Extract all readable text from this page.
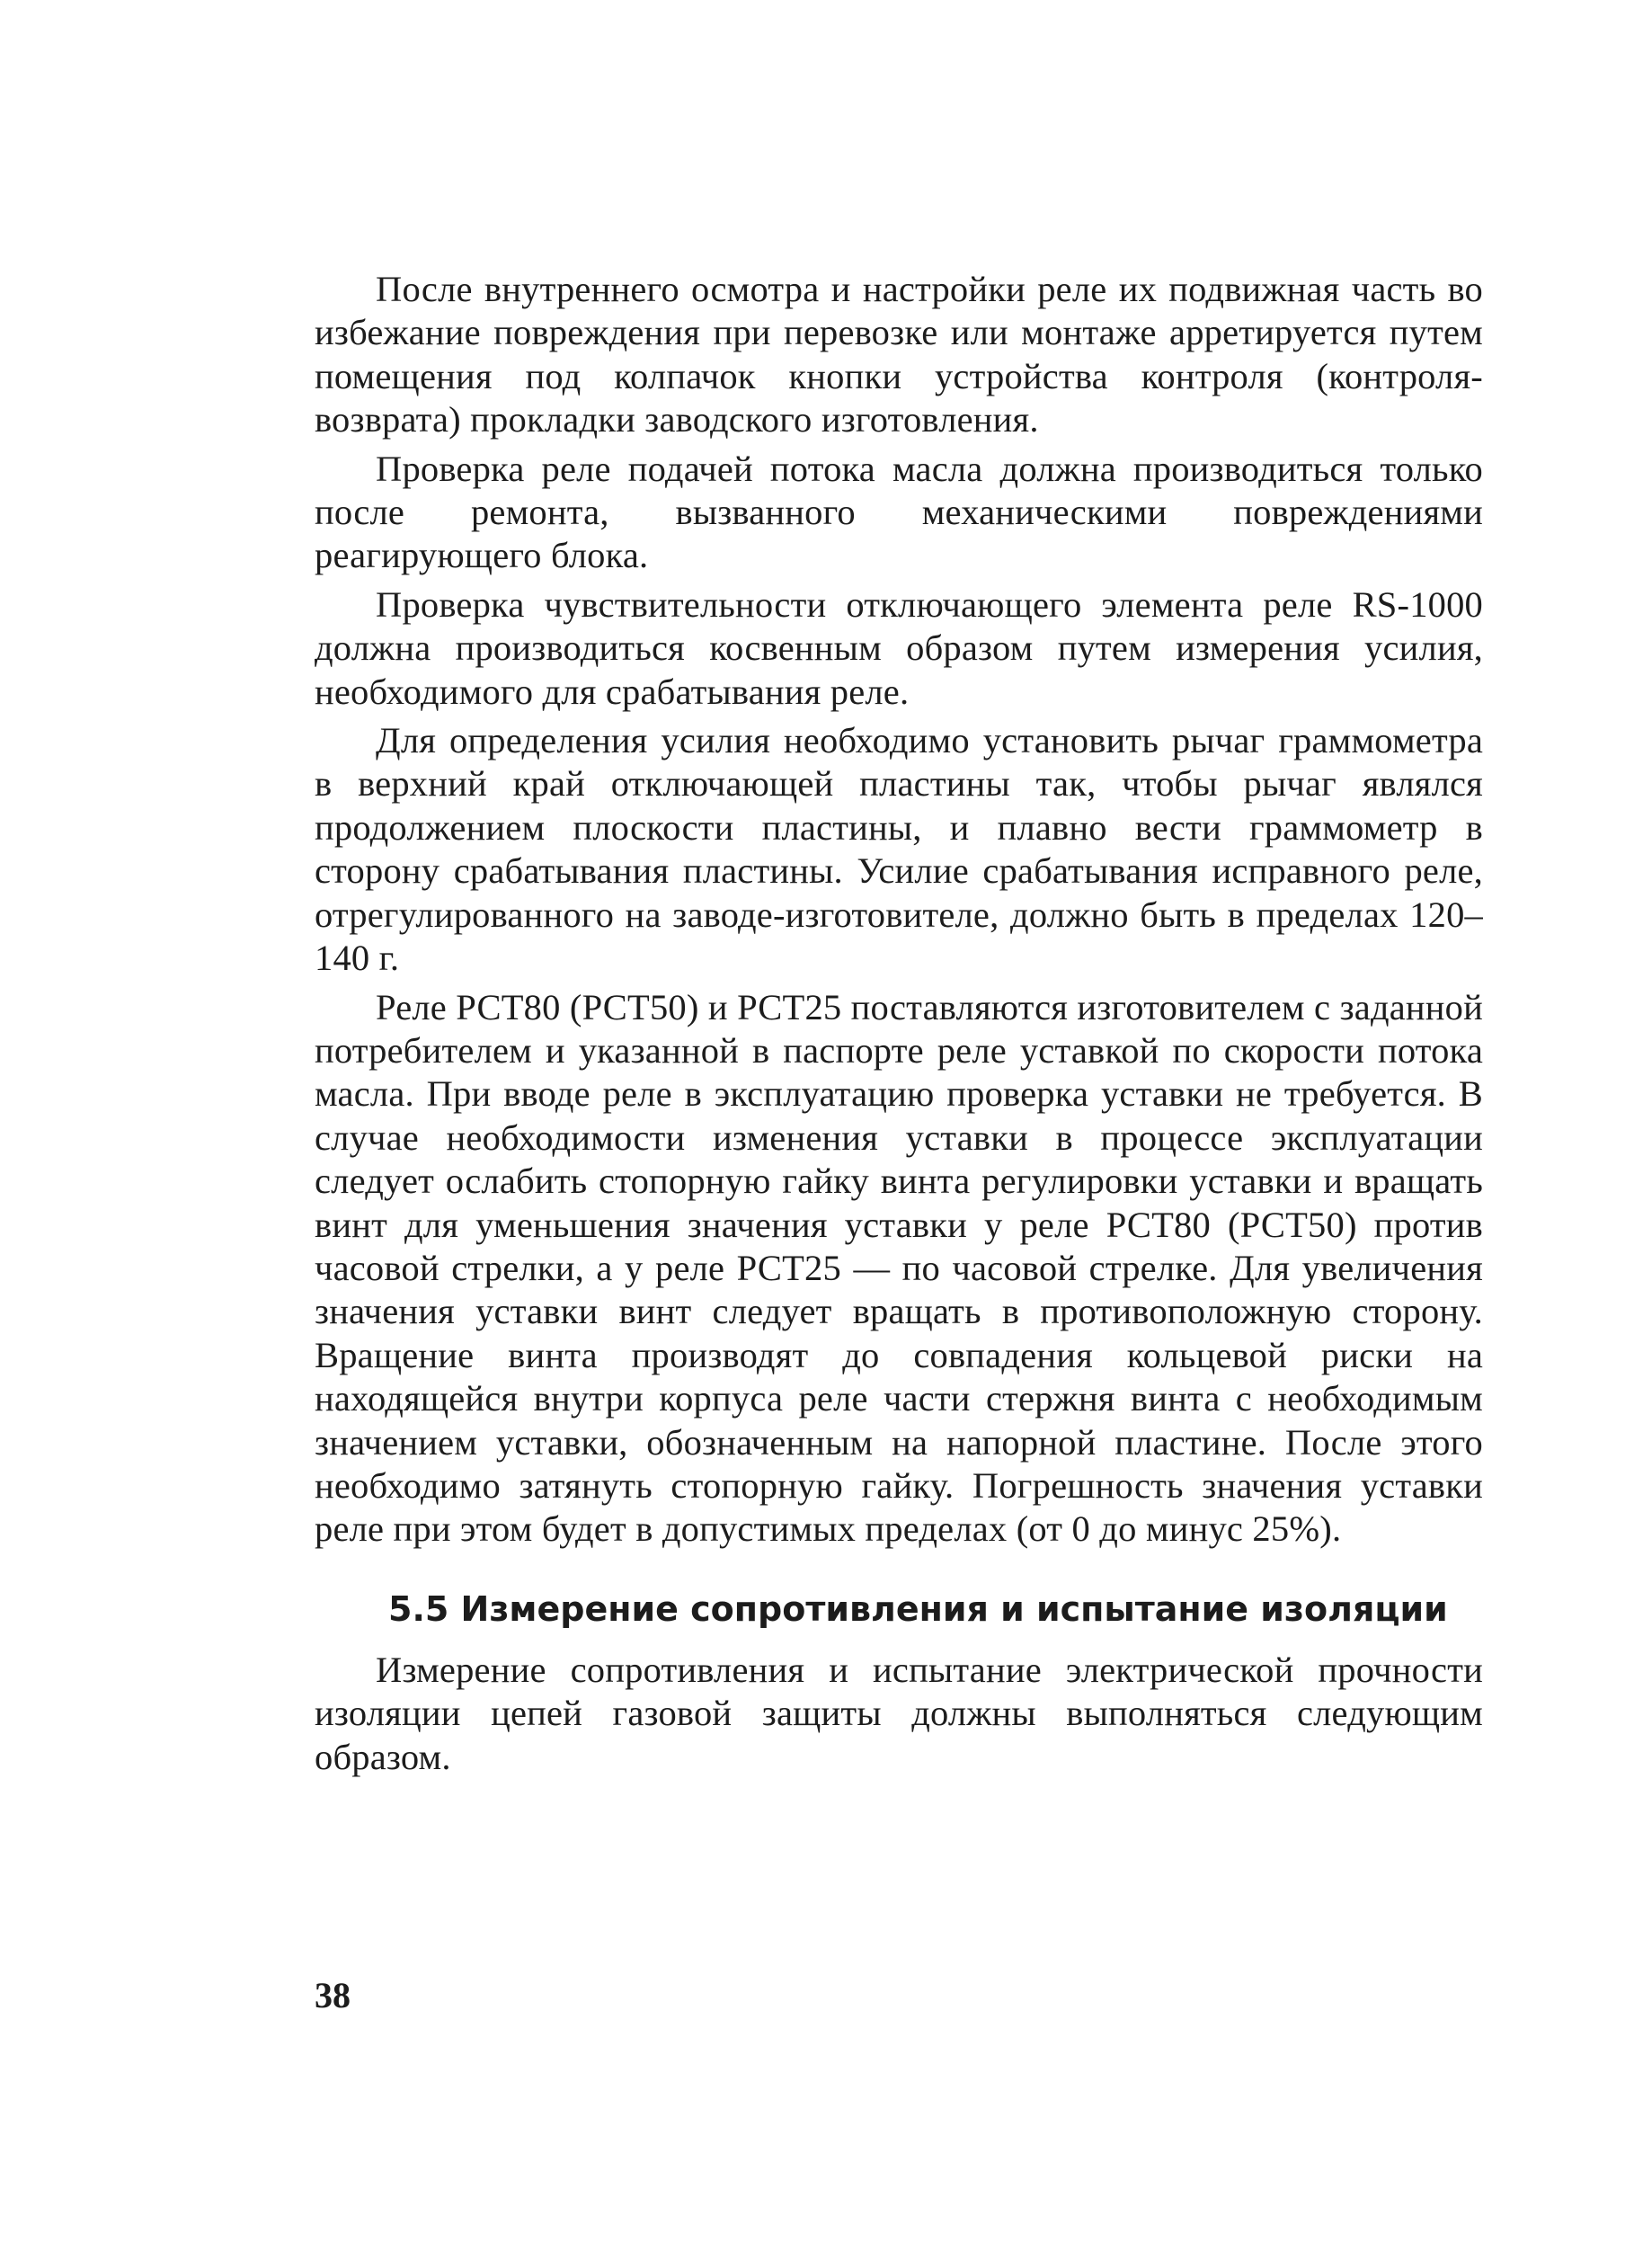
После внутреннего осмотра и настройки реле их подвижная часть во избежание повреждения при перевозке или монтаже арретируется путем помещения под колпачок кнопки устройства контроля (контроля-возврата) прокладки заводского изготовления.

Проверка реле подачей потока масла должна производиться только после ремонта, вызванного механическими повреждениями реагирующего блока.

Проверка чувствительности отключающего элемента реле RS-1000 должна производиться косвенным образом путем измерения усилия, необходимого для срабатывания реле.

Для определения усилия необходимо установить рычаг граммометра в верхний край отключающей пластины так, чтобы рычаг являлся продолжением плоскости пластины, и плавно вести граммометр в сторону срабатывания пластины. Усилие срабатывания исправного реле, отрегулированного на заводе-изготовителе, должно быть в пределах 120–140 г.

Реле РСТ80 (РСТ50) и РСТ25 поставляются изготовителем с заданной потребителем и указанной в паспорте реле уставкой по скорости потока масла. При вводе реле в эксплуатацию проверка уставки не требуется. В случае необходимости изменения уставки в процессе эксплуатации следует ослабить стопорную гайку винта регулировки уставки и вращать винт для уменьшения значения уставки у реле РСТ80 (РСТ50) против часовой стрелки, а у реле РСТ25 — по часовой стрелке. Для увеличения значения уставки винт следует вращать в противоположную сторону. Вращение винта производят до совпадения кольцевой риски на находящейся внутри корпуса реле части стержня винта с необходимым значением уставки, обозначенным на напорной пластине. После этого необходимо затянуть стопорную гайку. Погрешность значения уставки реле при этом будет в допустимых пределах (от 0 до минус 25%).

5.5 Измерение сопротивления и испытание изоляции

Измерение сопротивления и испытание электрической прочности изоляции цепей газовой защиты должны выполняться следующим образом.

38
